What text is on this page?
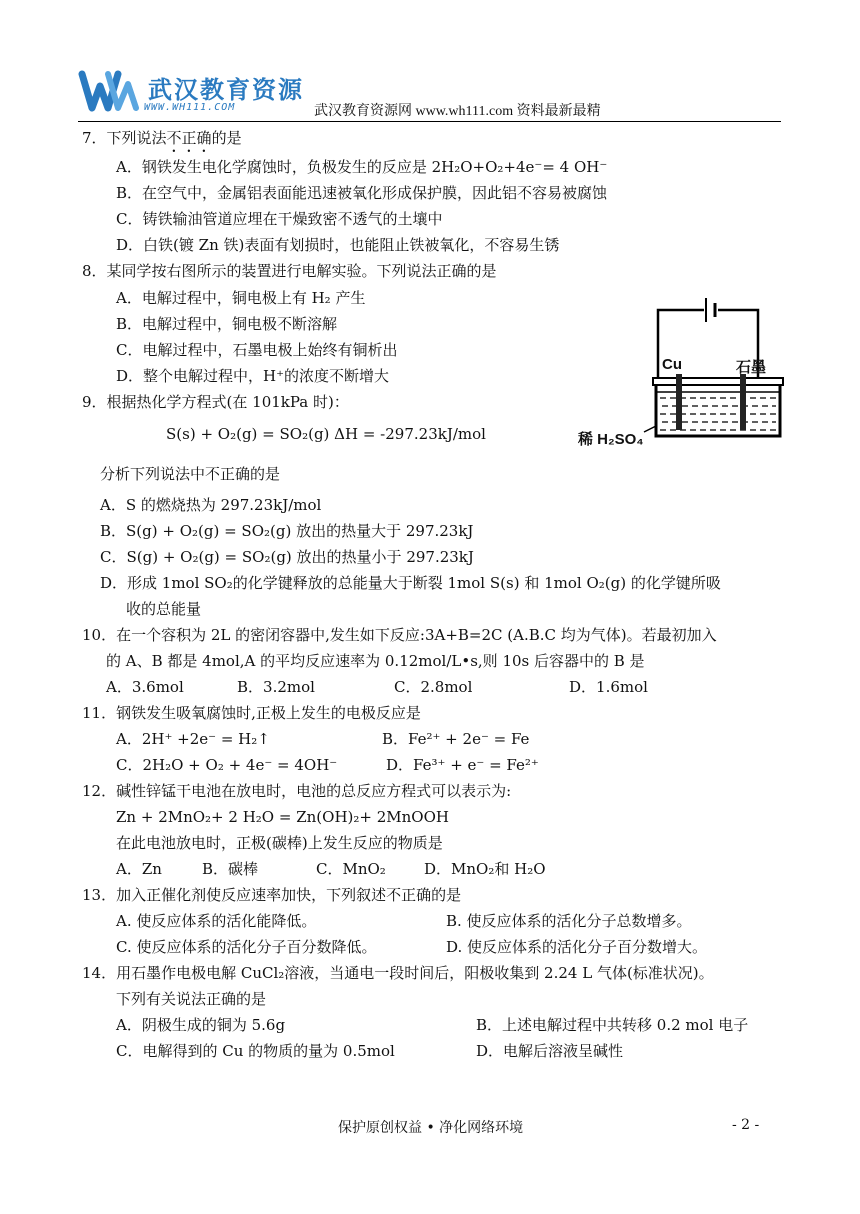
武汉教育资源
WWW.WH111.COM	武汉教育资源网 www.wh111.com 资料最新最精
7．下列说法不正确的是
A．钢铁发生电化学腐蚀时，负极发生的反应是 2H₂O+O₂+4e⁻= 4 OH⁻
B．在空气中，金属铝表面能迅速被氧化形成保护膜，因此铝不容易被腐蚀
C．铸铁输油管道应埋在干燥致密不透气的土壤中
D．白铁(镀 Zn 铁)表面有划损时，也能阻止铁被氧化，不容易生锈
8．某同学按右图所示的装置进行电解实验。下列说法正确的是
A．电解过程中，铜电极上有 H₂ 产生
B．电解过程中，铜电极不断溶解
C．电解过程中，石墨电极上始终有铜析出
D．整个电解过程中，H⁺的浓度不断增大
Cu	石墨
稀 H₂SO₄
9．根据热化学方程式(在 101kPa 时)：
S(s) + O₂(g) = SO₂(g) ΔH = -297.23kJ/mol
分析下列说法中不正确的是
A．S 的燃烧热为 297.23kJ/mol
B．S(g) + O₂(g) = SO₂(g) 放出的热量大于 297.23kJ
C．S(g) + O₂(g) = SO₂(g) 放出的热量小于 297.23kJ
D．形成 1mol SO₂的化学键释放的总能量大于断裂 1mol S(s) 和 1mol O₂(g) 的化学键所吸
收的总能量
10．在一个容积为 2L 的密闭容器中,发生如下反应:3A+B=2C (A.B.C 均为气体)。若最初加入
的 A、B 都是 4mol,A 的平均反应速率为 0.12mol/L•s,则 10s 后容器中的 B 是
A．3.6mol	B．3.2mol	C．2.8mol	D．1.6mol
11．钢铁发生吸氧腐蚀时,正极上发生的电极反应是
A．2H⁺ +2e⁻ = H₂↑	B．Fe²⁺ + 2e⁻ = Fe
C．2H₂O + O₂ + 4e⁻ = 4OH⁻	D．Fe³⁺ + e⁻ = Fe²⁺
12．碱性锌锰干电池在放电时，电池的总反应方程式可以表示为:
Zn + 2MnO₂+ 2 H₂O = Zn(OH)₂+ 2MnOOH
在此电池放电时，正极(碳棒)上发生反应的物质是
A．Zn	B．碳棒	C．MnO₂	D．MnO₂和 H₂O
13．加入正催化剂使反应速率加快，下列叙述不正确的是
A. 使反应体系的活化能降低。	B. 使反应体系的活化分子总数增多。
C. 使反应体系的活化分子百分数降低。	D. 使反应体系的活化分子百分数增大。
14．用石墨作电极电解 CuCl₂溶液，当通电一段时间后，阳极收集到 2.24 L 气体(标准状况)。
下列有关说法正确的是
A．阴极生成的铜为 5.6g	B．上述电解过程中共转移 0.2 mol 电子
C．电解得到的 Cu 的物质的量为 0.5mol	D．电解后溶液呈碱性
保护原创权益 • 净化网络环境	- 2 -
